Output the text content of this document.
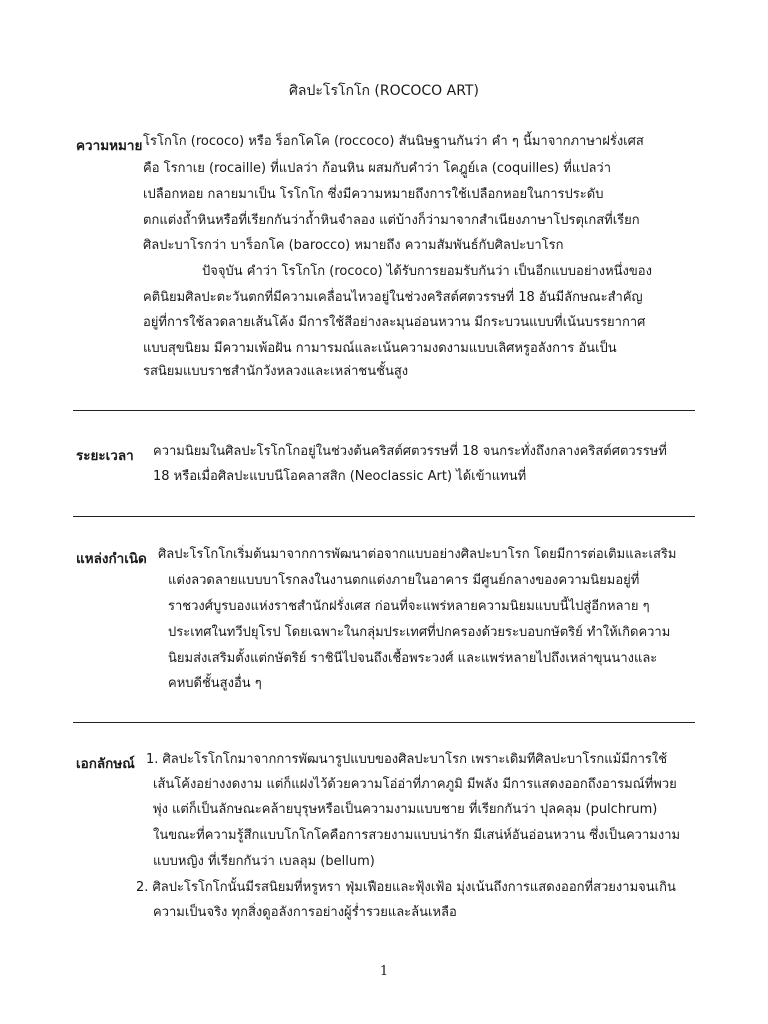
ศิลปะโรโกโก (ROCOCO ART)
ความหมาย โรโกโก (rococo) หรือ ร็อกโคโค (roccoco) สันนิษฐานกันว่า คำ ๆ นี้มาจากภาษาฝรั่งเศส
คือ โรกาเย (rocaille) ที่แปลว่า ก้อนหิน ผสมกับคำว่า โคฎูย์เล (coquilles) ที่แปลว่า
เปลือกหอย กลายมาเป็น โรโกโก ซึ่งมีความหมายถึงการใช้เปลือกหอยในการประดับ
ตกแต่งถ้ำหินหรือที่เรียกกันว่าถ้ำหินจำลอง แต่บ้างก็ว่ามาจากสำเนียงภาษาโปรตุเกสที่เรียก
ศิลปะบาโรกว่า บาร็อกโค (barocco) หมายถึง ความสัมพันธ์กับศิลปะบาโรก
ปัจจุบัน คำว่า โรโกโก (rococo) ได้รับการยอมรับกันว่า เป็นอีกแบบอย่างหนึ่งของ
คตินิยมศิลปะตะวันตกที่มีความเคลื่อนไหวอยู่ในช่วงคริสต์ศตวรรษที่ 18 อันมีลักษณะสำคัญ
อยู่ที่การใช้ลวดลายเส้นโค้ง มีการใช้สีอย่างละมุนอ่อนหวาน มีกระบวนแบบที่เน้นบรรยากาศ
แบบสุขนิยม มีความเพ้อฝัน กามารมณ์และเน้นความงดงามแบบเลิศหรูอลังการ อันเป็น
รสนิยมแบบราชสำนักวังหลวงและเหล่าชนชั้นสูง
ระยะเวลา ความนิยมในศิลปะโรโกโกอยู่ในช่วงต้นคริสต์ศตวรรษที่ 18 จนกระทั่งถึงกลางคริสต์ศตวรรษที่
18 หรือเมื่อศิลปะแบบนีโอคลาสสิก (Neoclassic Art) ได้เข้าแทนที่
แหล่งกำเนิด ศิลปะโรโกโกเริ่มต้นมาจากการพัฒนาต่อจากแบบอย่างศิลปะบาโรก โดยมีการต่อเติมและเสริม
แต่งลวดลายแบบบาโรกลงในงานตกแต่งภายในอาคาร มีศูนย์กลางของความนิยมอยู่ที่
ราชวงศ์บูรบองแห่งราชสำนักฝรั่งเศส ก่อนที่จะแพร่หลายความนิยมแบบนี้ไปสู่อีกหลาย ๆ
ประเทศในทวีปยุโรป โดยเฉพาะในกลุ่มประเทศที่ปกครองด้วยระบอบกษัตริย์ ทำให้เกิดความ
นิยมส่งเสริมตั้งแต่กษัตริย์ ราชินีไปจนถึงเชื้อพระวงศ์ และแพร่หลายไปถึงเหล่าขุนนางและ
คหบดีชั้นสูงอื่น ๆ
เอกลักษณ์ 1. ศิลปะโรโกโกมาจากการพัฒนารูปแบบของศิลปะบาโรก เพราะเดิมทีศิลปะบาโรกแม้มีการใช้
เส้นโค้งอย่างงดงาม แต่ก็แฝงไว้ด้วยความโอ่อ่าที่ภาคภูมิ มีพลัง มีการแสดงออกถึงอารมณ์ที่พวย
พุ่ง แต่ก็เป็นลักษณะคล้ายบุรุษหรือเป็นความงามแบบชาย ที่เรียกกันว่า ปุลคลุม (pulchrum)
ในขณะที่ความรู้สึกแบบโกโกโคคือการสวยงามแบบน่ารัก มีเสน่ห์อันอ่อนหวาน ซึ่งเป็นความงาม
แบบหญิง ที่เรียกกันว่า เบลลุม (bellum)
2. ศิลปะโรโกโกนั้นมีรสนิยมที่หรูหรา ฟุ่มเฟือยและฟุ้งเฟ้อ มุ่งเน้นถึงการแสดงออกที่สวยงามจนเกิน
ความเป็นจริง ทุกสิ่งดูอลังการอย่างผู้ร่ำรวยและล้นเหลือ
1
